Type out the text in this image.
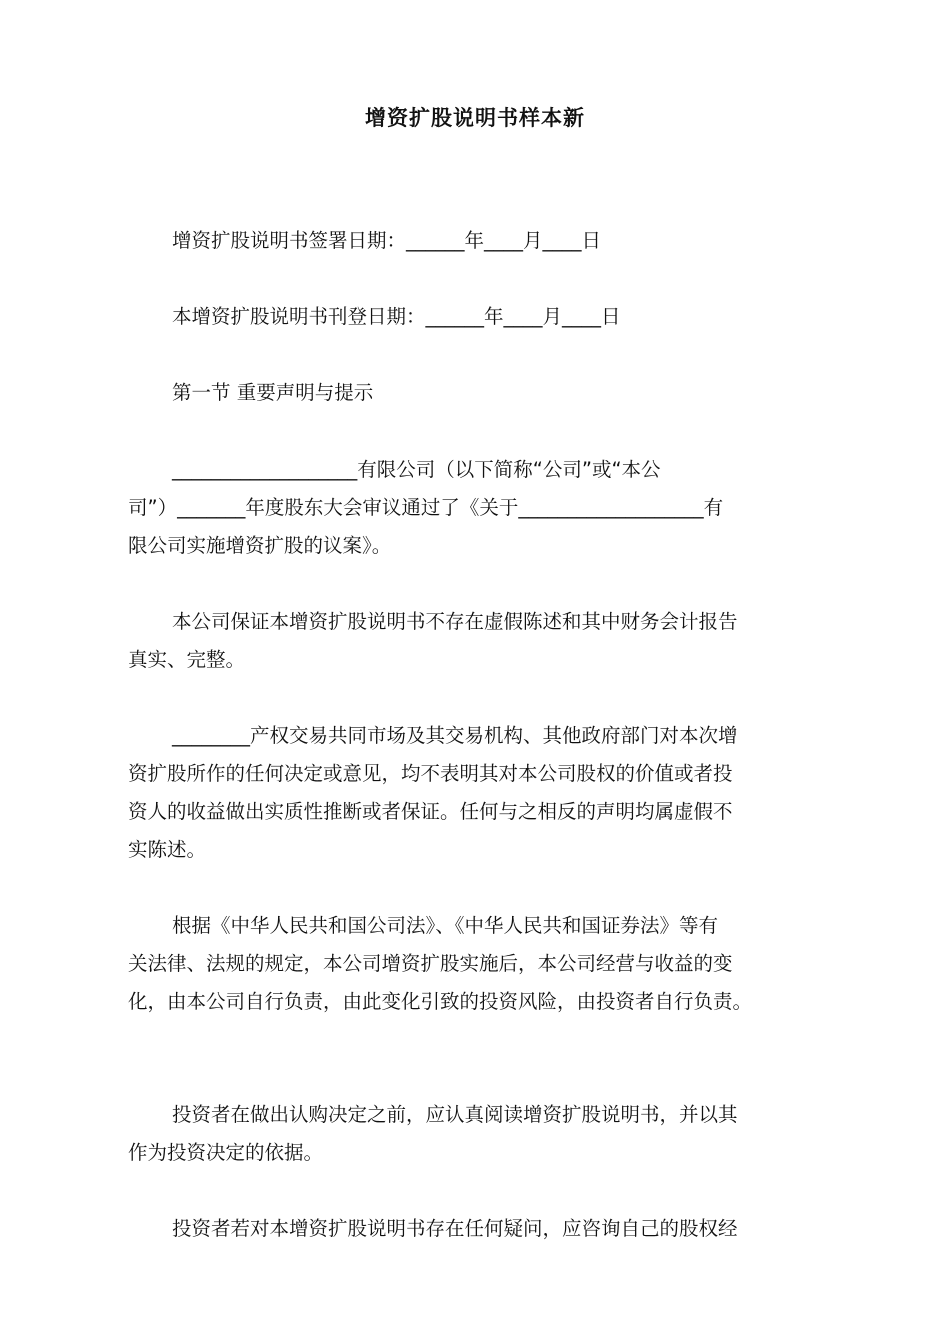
增资扩股说明书样本新
增资扩股说明书签署日期：______年____月____日
本增资扩股说明书刊登日期：______年____月____日
第一节 重要声明与提示
___________________有限公司（以下简称“公司”或“本公
司”）_______年度股东大会审议通过了《关于___________________有
限公司实施增资扩股的议案》。
本公司保证本增资扩股说明书不存在虚假陈述和其中财务会计报告
真实、完整。
________产权交易共同市场及其交易机构、其他政府部门对本次增
资扩股所作的任何决定或意见，均不表明其对本公司股权的价值或者投
资人的收益做出实质性推断或者保证。任何与之相反的声明均属虚假不
实陈述。
根据《中华人民共和国公司法》、《中华人民共和国证券法》等有
关法律、法规的规定，本公司增资扩股实施后，本公司经营与收益的变
化，由本公司自行负责，由此变化引致的投资风险，由投资者自行负责。
投资者在做出认购决定之前，应认真阅读增资扩股说明书，并以其
作为投资决定的依据。
投资者若对本增资扩股说明书存在任何疑问，应咨询自己的股权经
